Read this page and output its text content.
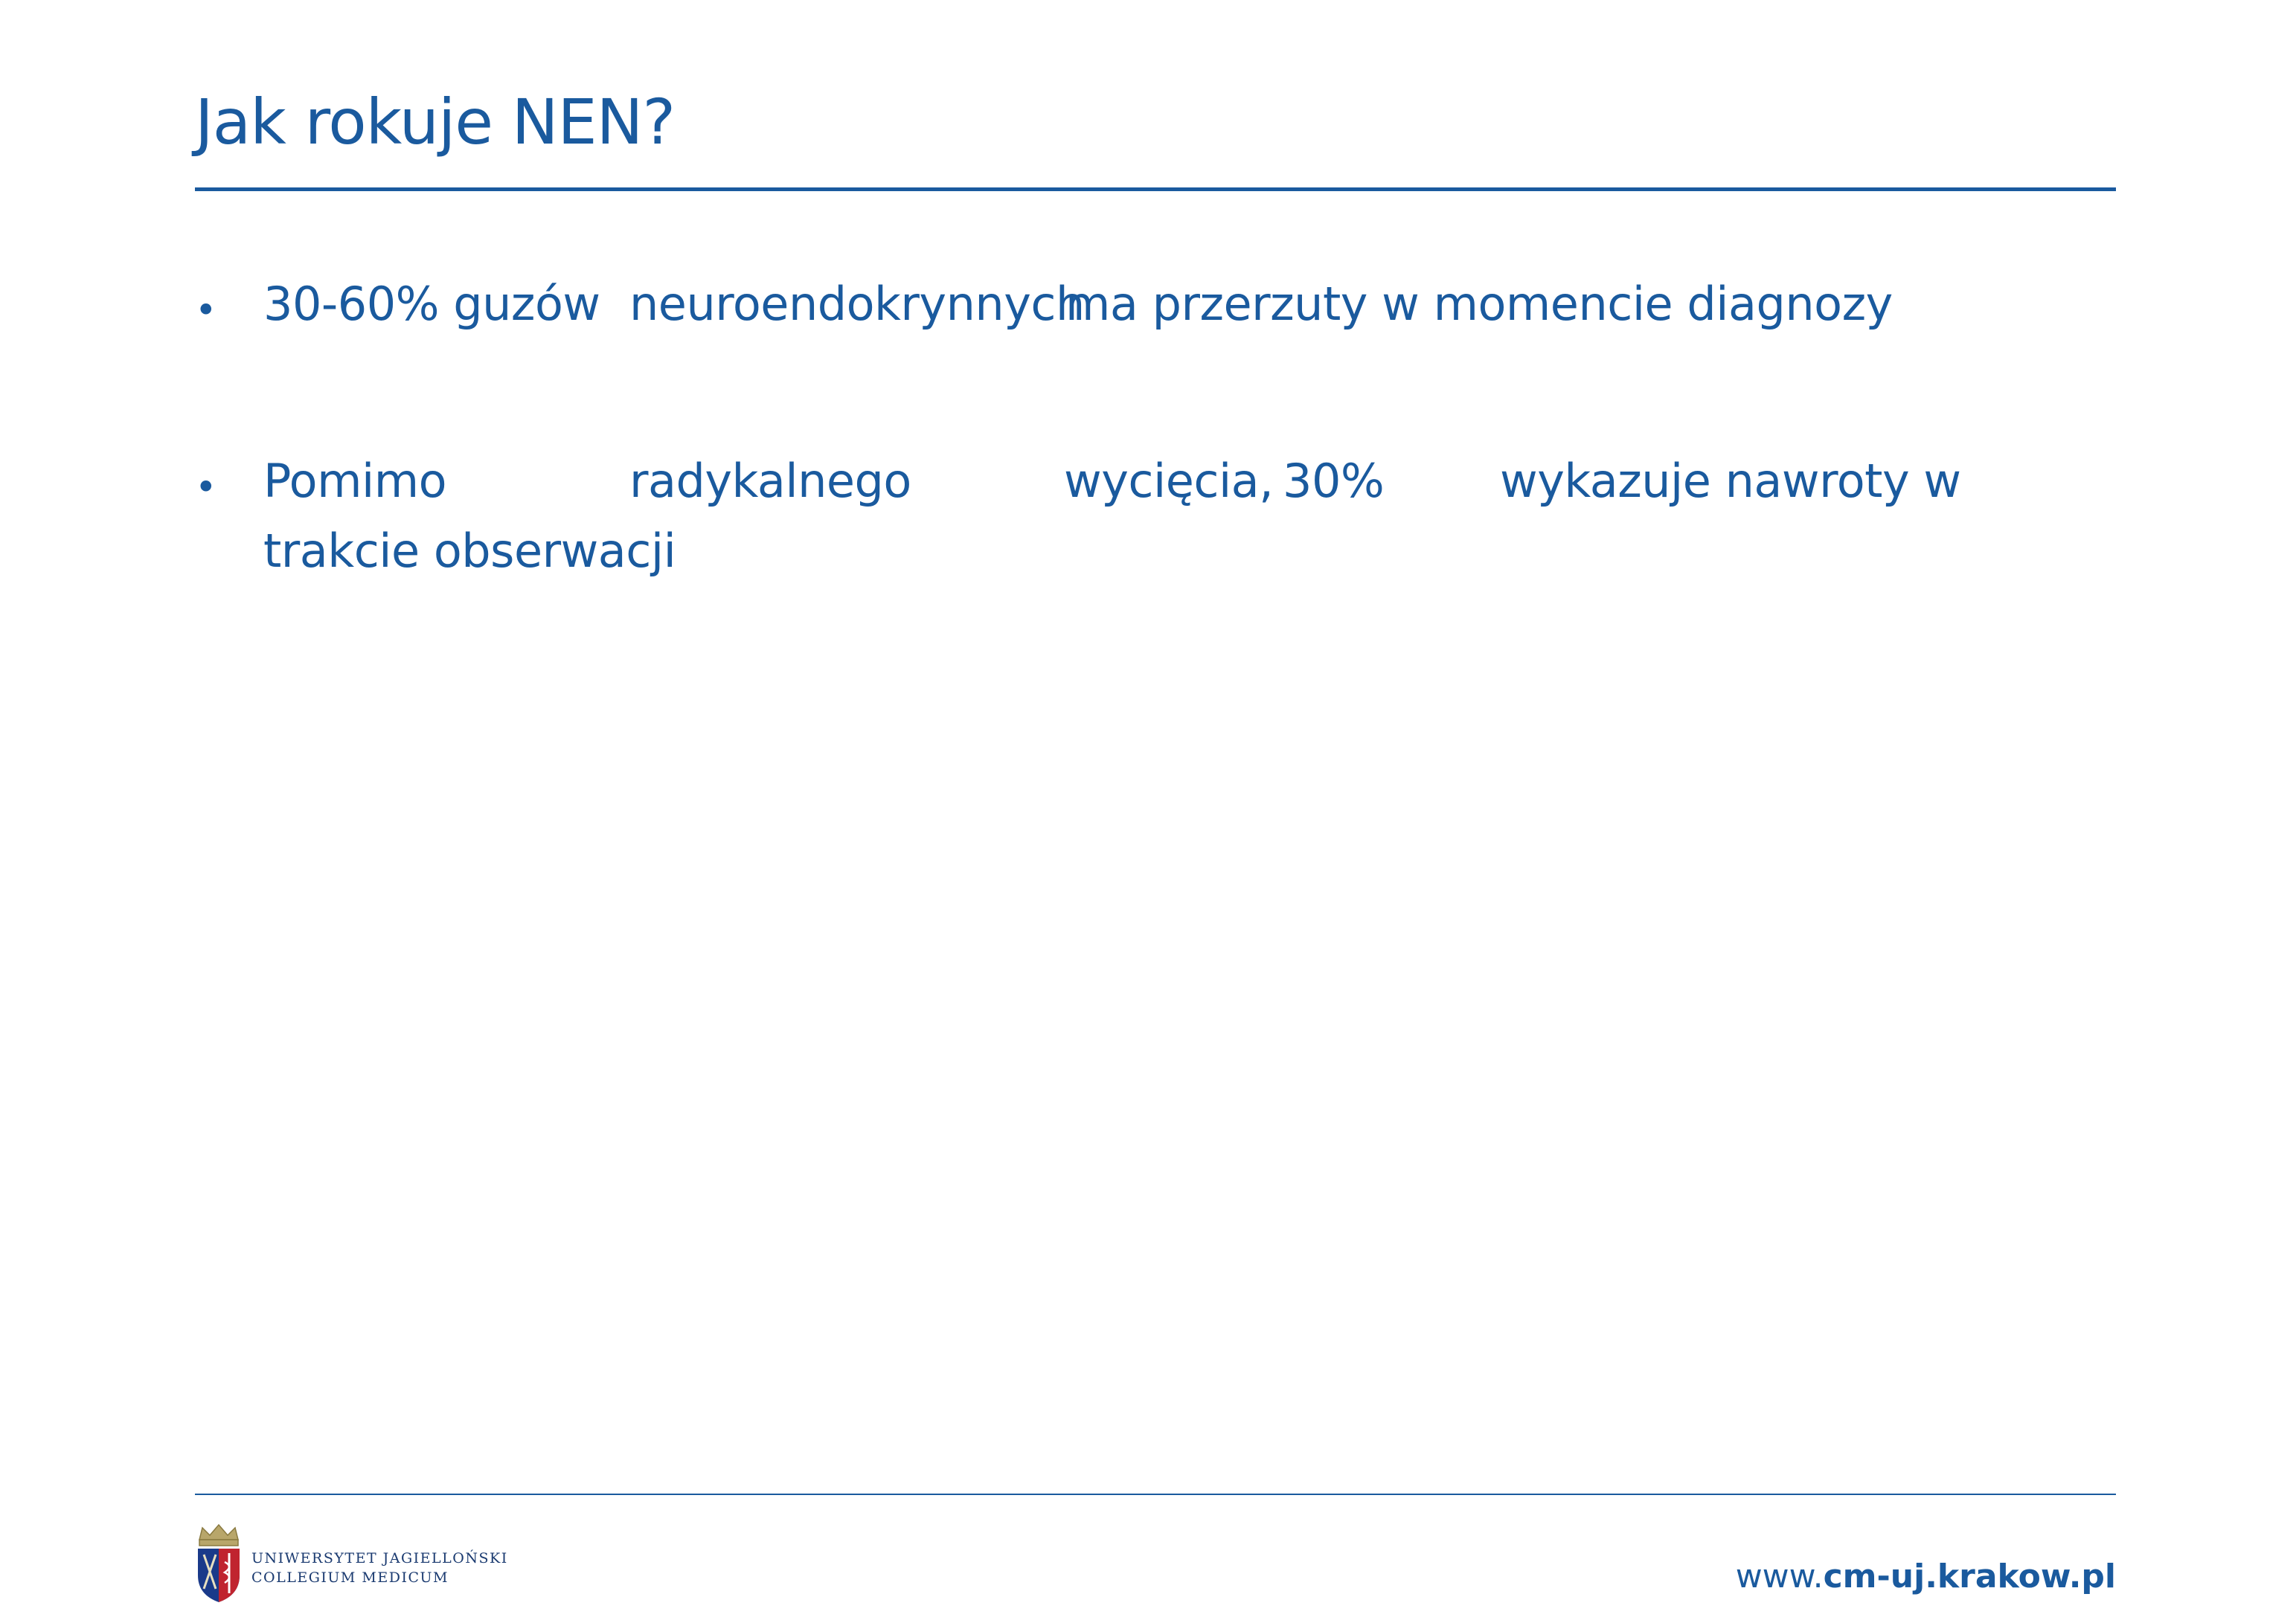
Jak rokuje NEN?
• 30-60% guzów neuroendokrynnych
ma przerzuty w momencie diagnozy
• Pomimo	radykalnego	wycięcia, 30%	wykazuje nawroty w
trakcie obserwacji
UNIWERSYTET JAGIELLOŃSKI
COLLEGIUM MEDICUM	www.cm-uj.krakow.pl
